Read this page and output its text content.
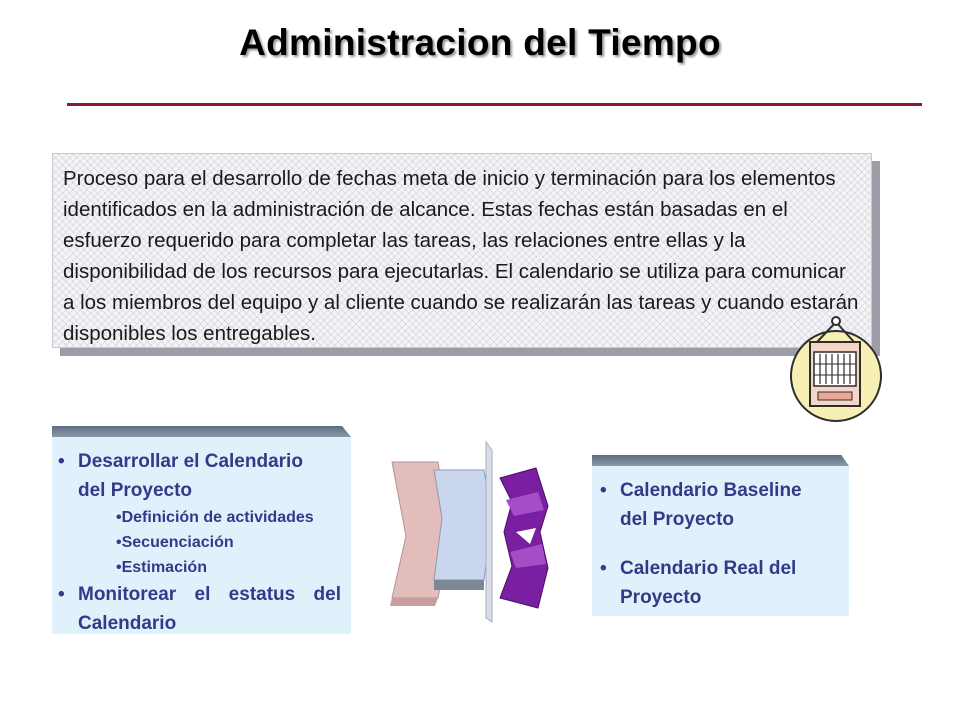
Administracion del Tiempo
Proceso para el desarrollo de fechas meta de inicio y terminación para los elementos identificados en la administración de alcance. Estas fechas están basadas en el esfuerzo requerido para completar las tareas, las relaciones entre ellas y la disponibilidad de los recursos para ejecutarlas. El calendario se utiliza para comunicar a los miembros del equipo y al cliente cuando se realizarán las tareas y cuando estarán disponibles los entregables.
• Desarrollar el Calendario
del Proyecto
•Definición de actividades
•Secuenciación
•Estimación
• Monitorear el estatus del
Calendario
• Calendario Baseline
del Proyecto
• Calendario Real del
Proyecto
